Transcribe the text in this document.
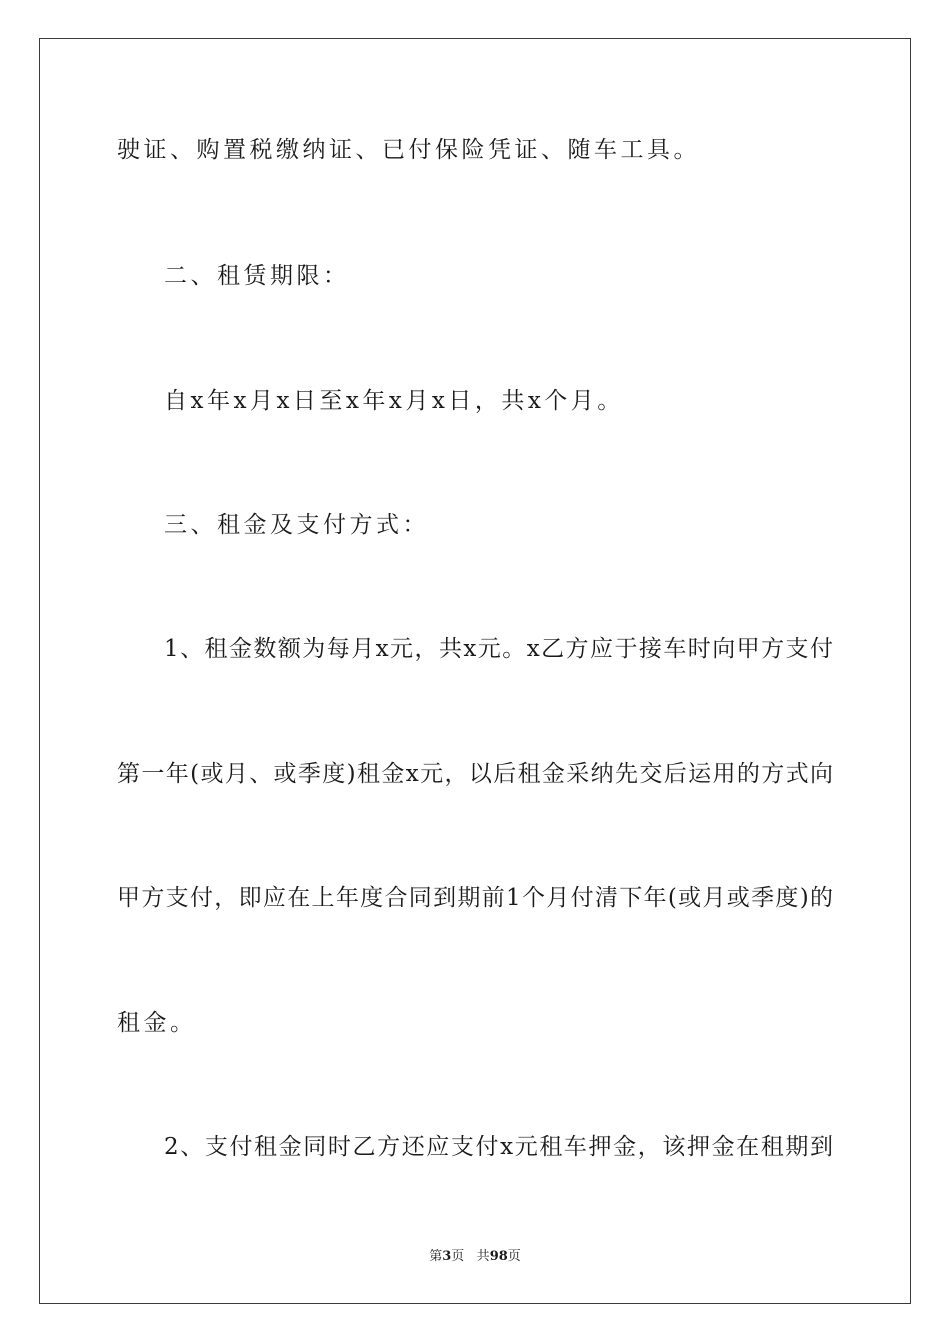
驶证、购置税缴纳证、已付保险凭证、随车工具。
二、租赁期限：
自x年x月x日至x年x月x日，共x个月。
三、租金及支付方式：
1、租金数额为每月x元，共x元。x乙方应于接车时向甲方支付
第一年(或月、或季度)租金x元，以后租金采纳先交后运用的方式向
甲方支付，即应在上年度合同到期前1个月付清下年(或月或季度)的
租金。
2、支付租金同时乙方还应支付x元租车押金，该押金在租期到
第3页 共98页
